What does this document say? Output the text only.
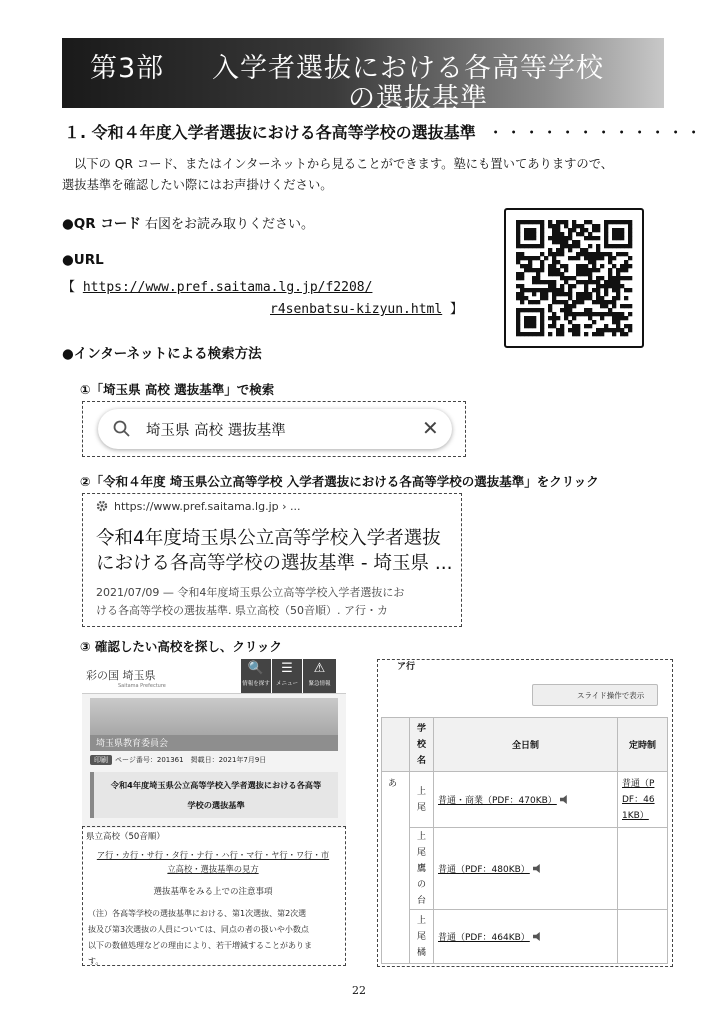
第3部 入学者選抜における各高等学校
の選抜基準
１. 令和４年度入学者選抜における各高等学校の選抜基準 ・・・・・・・・・・・・
以下の QR コード、またはインターネットから見ることができます。塾にも置いてありますので、
選抜基準を確認したい際にはお声掛けください。
●QR コード 右図をお読み取りください。
●URL
【 https://www.pref.saitama.lg.jp/f2208/
r4senbatsu-kizyun.html 】
●インターネットによる検索方法
①「埼玉県 高校 選抜基準」で検索
埼玉県 高校 選抜基準	✕
②「令和４年度 埼玉県公立高等学校 入学者選抜における各高等学校の選抜基準」をクリック
https://www.pref.saitama.lg.jp › ...
令和4年度埼玉県公立高等学校入学者選抜
における各高等学校の選抜基準 - 埼玉県 ...
2021/07/09 — 令和4年度埼玉県公立高等学校入学者選抜にお
ける各高等学校の選抜基準. 県立高校（50音順）. ア行・カ
③ 確認したい高校を探し、クリック
彩の国 埼玉県
Saitama Prefecture
🔍
情報を探す
☰
メニュー
⚠
緊急情報
埼玉県教育委員会
印刷 ページ番号：201361　掲載日：2021年7月9日
令和4年度埼玉県公立高等学校入学者選抜における各高等
学校の選抜基準
県立高校（50音順）
ア行・カ行・サ行・タ行・ナ行・ハ行・マ行・ヤ行・ワ行・市
立高校・選抜基準の見方
選抜基準をみる上での注意事項
（注）各高等学校の選抜基準における、第1次選抜、第2次選
抜及び第3次選抜の人員については、同点の者の扱いや小数点
以下の数値処理などの理由により、若干増減することがありま
す。
ア行
スライド操作で表示

	学
校
名	全日制	定時制
あ	上
尾	普通・商業（PDF：470KB）	普通（P
DF：46
1KB）

	上
尾
鷹
の
台	普通（PDF：480KB）	

	上
尾
橘	普通（PDF：464KB）	
22
